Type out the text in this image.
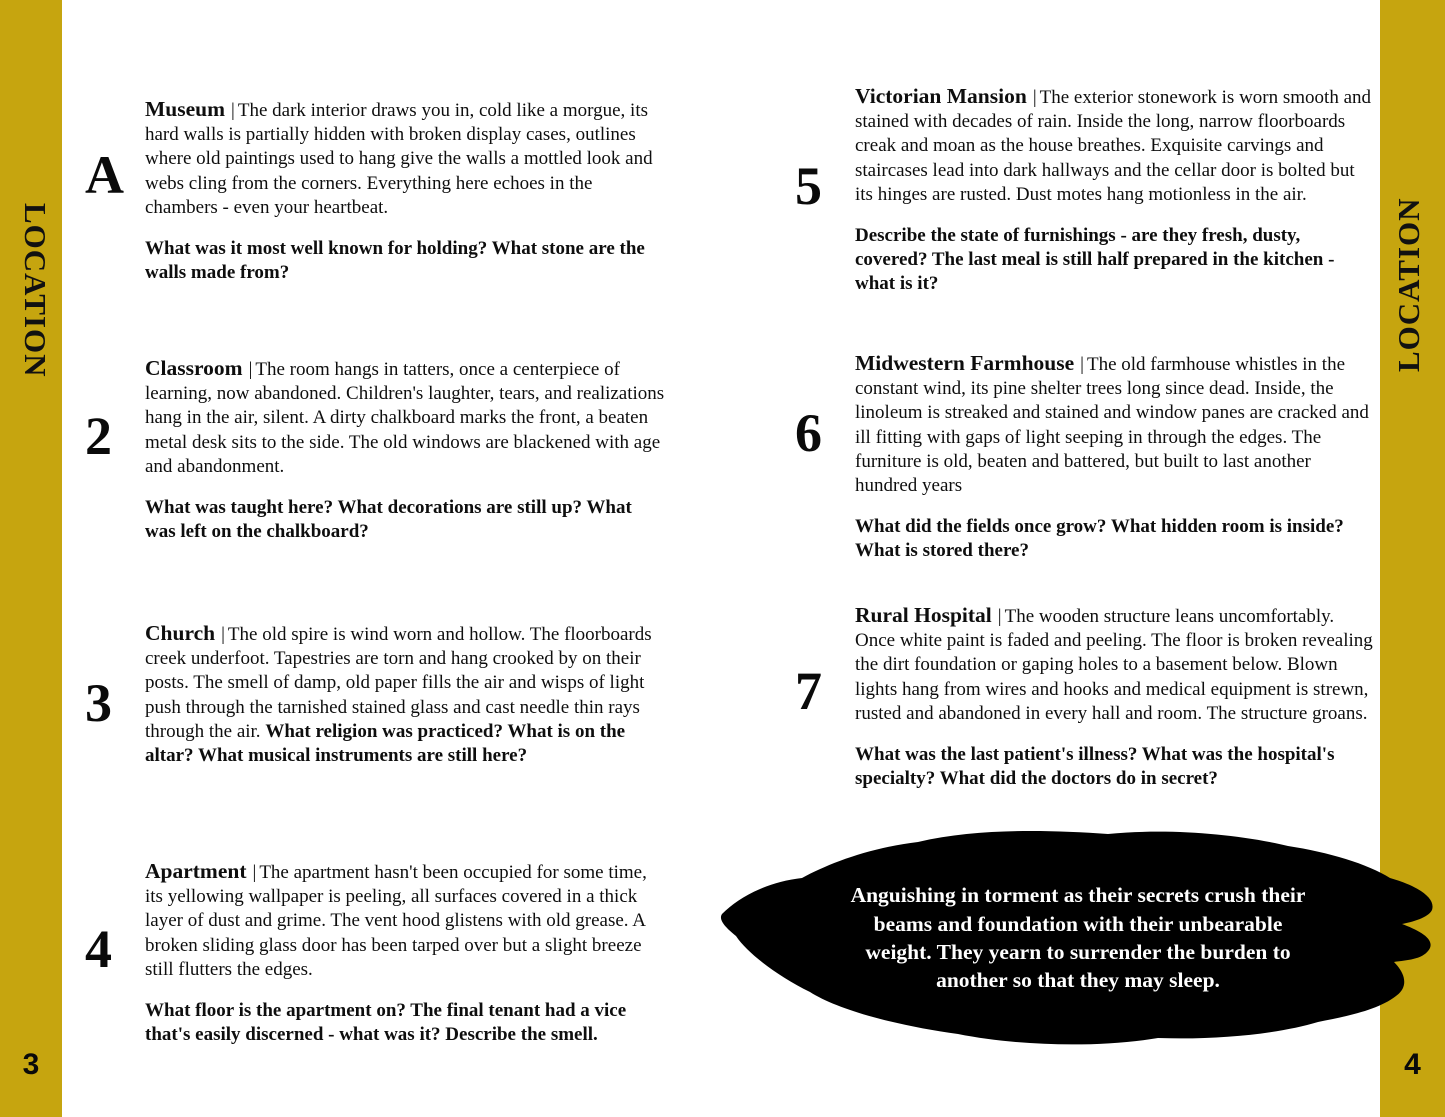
LOCATION	LOCATION
3	4
A

Museum | The dark interior draws you in, cold like a morgue, its hard walls is partially hidden with broken display cases, outlines where old paintings used to hang give the walls a mottled look and webs cling from the corners. Everything here echoes in the chambers - even your heartbeat.

What was it most well known for holding? What stone are the walls made from?

2

Classroom | The room hangs in tatters, once a centerpiece of learning, now abandoned. Children's laughter, tears, and realizations hang in the air, silent. A dirty chalkboard marks the front, a beaten metal desk sits to the side. The old windows are blackened with age and abandonment.

What was taught here? What decorations are still up? What was left on the chalkboard?

3

Church | The old spire is wind worn and hollow. The floorboards creek underfoot. Tapestries are torn and hang crooked by on their posts. The smell of damp, old paper fills the air and wisps of light push through the tarnished stained glass and cast needle thin rays through the air. What religion was practiced? What is on the altar? What musical instruments are still here?

4

Apartment | The apartment hasn't been occupied for some time, its yellowing wallpaper is peeling, all surfaces covered in a thick layer of dust and grime. The vent hood glistens with old grease. A broken sliding glass door has been tarped over but a slight breeze still flutters the edges.

What floor is the apartment on? The final tenant had a vice that's easily discerned - what was it? Describe the smell.

5

Victorian Mansion | The exterior stonework is worn smooth and stained with decades of rain. Inside the long, narrow floorboards creak and moan as the house breathes. Exquisite carvings and staircases lead into dark hallways and the cellar door is bolted but its hinges are rusted. Dust motes hang motionless in the air.

Describe the state of furnishings - are they fresh, dusty, covered? The last meal is still half prepared in the kitchen - what is it?

6

Midwestern Farmhouse | The old farmhouse whistles in the constant wind, its pine shelter trees long since dead. Inside, the linoleum is streaked and stained and window panes are cracked and ill fitting with gaps of light seeping in through the edges. The furniture is old, beaten and battered, but built to last another hundred years

What did the fields once grow? What hidden room is inside? What is stored there?

7

Rural Hospital | The wooden structure leans uncomfortably. Once white paint is faded and peeling. The floor is broken revealing the dirt foundation or gaping holes to a basement below. Blown lights hang from wires and hooks and medical equipment is strewn, rusted and abandoned in every hall and room. The structure groans.

What was the last patient's illness? What was the hospital's specialty? What did the doctors do in secret?

Anguishing in torment as their secrets crush their
beams and foundation with their unbearable
weight. They yearn to surrender the burden to
another so that they may sleep.
